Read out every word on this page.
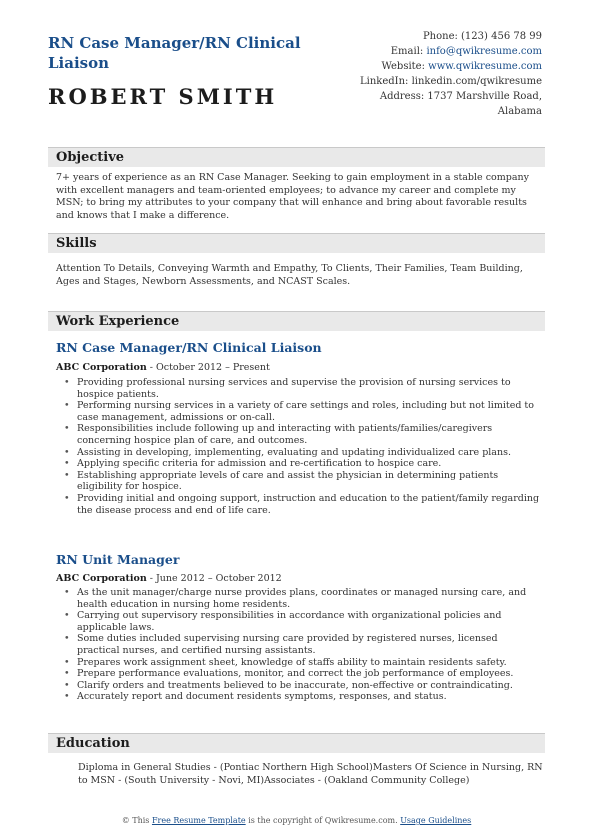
RN Case Manager/RN Clinical Liaison
ROBERT SMITH
Phone: (123) 456 78 99
Email: info@qwikresume.com
Website: www.qwikresume.com
LinkedIn: linkedin.com/qwikresume
Address: 1737 Marshville Road,
Alabama
Objective
7+ years of experience as an RN Case Manager. Seeking to gain employment in a stable company with excellent managers and team-oriented employees; to advance my career and complete my MSN; to bring my attributes to your company that will enhance and bring about favorable results and knows that I make a difference.
Skills
Attention To Details, Conveying Warmth and Empathy, To Clients, Their Families, Team Building, Ages and Stages, Newborn Assessments, and NCAST Scales.
Work Experience
RN Case Manager/RN Clinical Liaison
ABC Corporation - October 2012 – Present
• Providing professional nursing services and supervise the provision of nursing services to hospice patients.
• Performing nursing services in a variety of care settings and roles, including but not limited to case management, admissions or on-call.
• Responsibilities include following up and interacting with patients/families/caregivers concerning hospice plan of care, and outcomes.
• Assisting in developing, implementing, evaluating and updating individualized care plans.
• Applying specific criteria for admission and re-certification to hospice care.
• Establishing appropriate levels of care and assist the physician in determining patients eligibility for hospice.
• Providing initial and ongoing support, instruction and education to the patient/family regarding the disease process and end of life care.
RN Unit Manager
ABC Corporation - June 2012 – October 2012
• As the unit manager/charge nurse provides plans, coordinates or managed nursing care, and health education in nursing home residents.
• Carrying out supervisory responsibilities in accordance with organizational policies and applicable laws.
• Some duties included supervising nursing care provided by registered nurses, licensed practical nurses, and certified nursing assistants.
• Prepares work assignment sheet, knowledge of staffs ability to maintain residents safety.
• Prepare performance evaluations, monitor, and correct the job performance of employees.
• Clarify orders and treatments believed to be inaccurate, non-effective or contraindicating.
• Accurately report and document residents symptoms, responses, and status.
Education
Diploma in General Studies - (Pontiac Northern High School)Masters Of Science in Nursing, RN to MSN - (South University - Novi, MI)Associates - (Oakland Community College)
© This Free Resume Template is the copyright of Qwikresume.com. Usage Guidelines
